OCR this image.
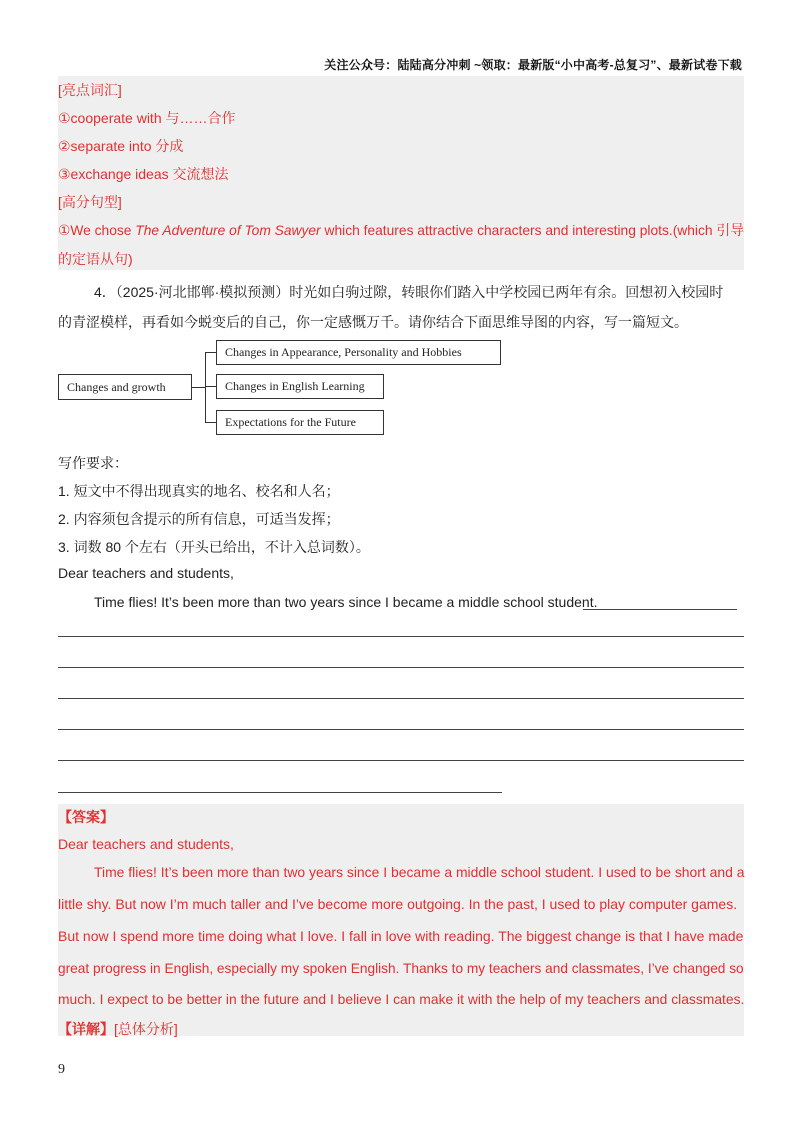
关注公众号：陆陆高分冲刺 ~领取：最新版“小中高考-总复习”、最新试卷下载
[亮点词汇]
①cooperate with 与……合作
②separate into 分成
③exchange ideas 交流想法
[高分句型]
①We chose The Adventure of Tom Sawyer which features attractive characters and interesting plots.(which 引导
的定语从句)
4．（2025·河北邯郸·模拟预测）时光如白驹过隙，转眼你们踏入中学校园已两年有余。回想初入校园时
的青涩模样，再看如今蜕变后的自己，你一定感慨万千。请你结合下面思维导图的内容，写一篇短文。
Changes and growth
Changes in Appearance, Personality and Hobbies
Changes in English Learning
Expectations for the Future
写作要求：
1. 短文中不得出现真实的地名、校名和人名；
2. 内容须包含提示的所有信息，可适当发挥；
3. 词数 80 个左右（开头已给出，不计入总词数）。
Dear teachers and students,
Time flies! It’s been more than two years since I became a middle school student.
【答案】
Dear teachers and students,
Time flies! It’s been more than two years since I became a middle school student. I used to be short and a
little shy. But now I’m much taller and I’ve become more outgoing. In the past, I used to play computer games.
But now I spend more time doing what I love. I fall in love with reading. The biggest change is that I have made
great progress in English, especially my spoken English. Thanks to my teachers and classmates, I’ve changed so
much. I expect to be better in the future and I believe I can make it with the help of my teachers and classmates.
【详解】[总体分析]
9
